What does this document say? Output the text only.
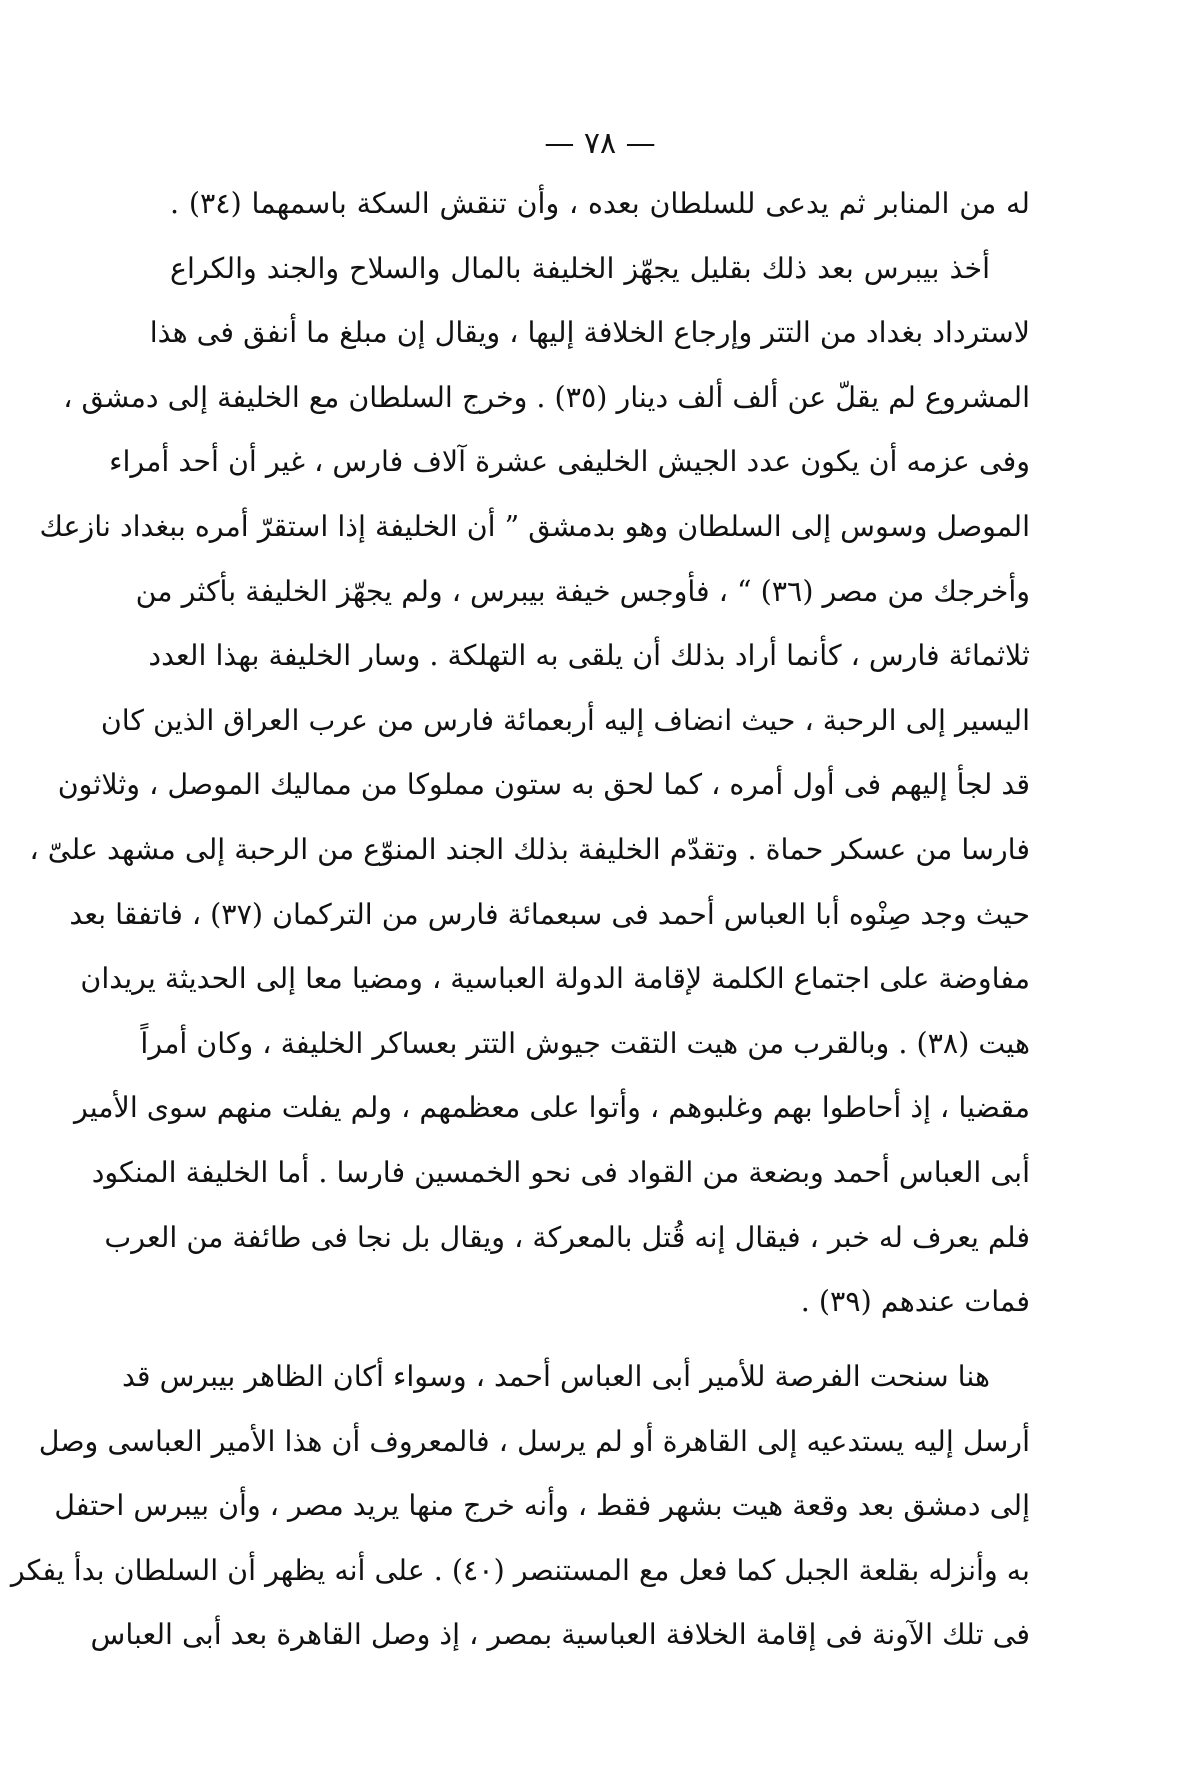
— ٧٨ —
له من المنابر ثم يدعى للسلطان بعده ، وأن تنقش السكة باسمهما (٣٤) .
أخذ بيبرس بعد ذلك بقليل يجهّز الخليفة بالمال والسلاح والجند والكراع
لاسترداد بغداد من التتر وإرجاع الخلافة إليها ، ويقال إن مبلغ ما أنفق فى هذا
المشروع لم يقلّ عن ألف ألف دينار (٣٥) . وخرج السلطان مع الخليفة إلى دمشق ،
وفى عزمه أن يكون عدد الجيش الخليفى عشرة آلاف فارس ، غير أن أحد أمراء
الموصل وسوس إلى السلطان وهو بدمشق ” أن الخليفة إذا استقرّ أمره ببغداد نازعك
وأخرجك من مصر (٣٦) “ ، فأوجس خيفة بيبرس ، ولم يجهّز الخليفة بأكثر من
ثلاثمائة فارس ، كأنما أراد بذلك أن يلقى به التهلكة . وسار الخليفة بهذا العدد
اليسير إلى الرحبة ، حيث انضاف إليه أربعمائة فارس من عرب العراق الذين كان
قد لجأ إليهم فى أول أمره ، كما لحق به ستون مملوكا من مماليك الموصل ، وثلاثون
فارسا من عسكر حماة . وتقدّم الخليفة بذلك الجند المنوّع من الرحبة إلى مشهد علىّ ،
حيث وجد صِنْوه أبا العباس أحمد فى سبعمائة فارس من التركمان (٣٧) ، فاتفقا بعد
مفاوضة على اجتماع الكلمة لإقامة الدولة العباسية ، ومضيا معا إلى الحديثة يريدان
هيت (٣٨) . وبالقرب من هيت التقت جيوش التتر بعساكر الخليفة ، وكان أمراً
مقضيا ، إذ أحاطوا بهم وغلبوهم ، وأتوا على معظمهم ، ولم يفلت منهم سوى الأمير
أبى العباس أحمد وبضعة من القواد فى نحو الخمسين فارسا . أما الخليفة المنكود
فلم يعرف له خبر ، فيقال إنه قُتل بالمعركة ، ويقال بل نجا فى طائفة من العرب
فمات عندهم (٣٩) .
هنا سنحت الفرصة للأمير أبى العباس أحمد ، وسواء أكان الظاهر بيبرس قد
أرسل إليه يستدعيه إلى القاهرة أو لم يرسل ، فالمعروف أن هذا الأمير العباسى وصل
إلى دمشق بعد وقعة هيت بشهر فقط ، وأنه خرج منها يريد مصر ، وأن بيبرس احتفل
به وأنزله بقلعة الجبل كما فعل مع المستنصر (٤٠) . على أنه يظهر أن السلطان بدأ يفكر
فى تلك الآونة فى إقامة الخلافة العباسية بمصر ، إذ وصل القاهرة بعد أبى العباس
